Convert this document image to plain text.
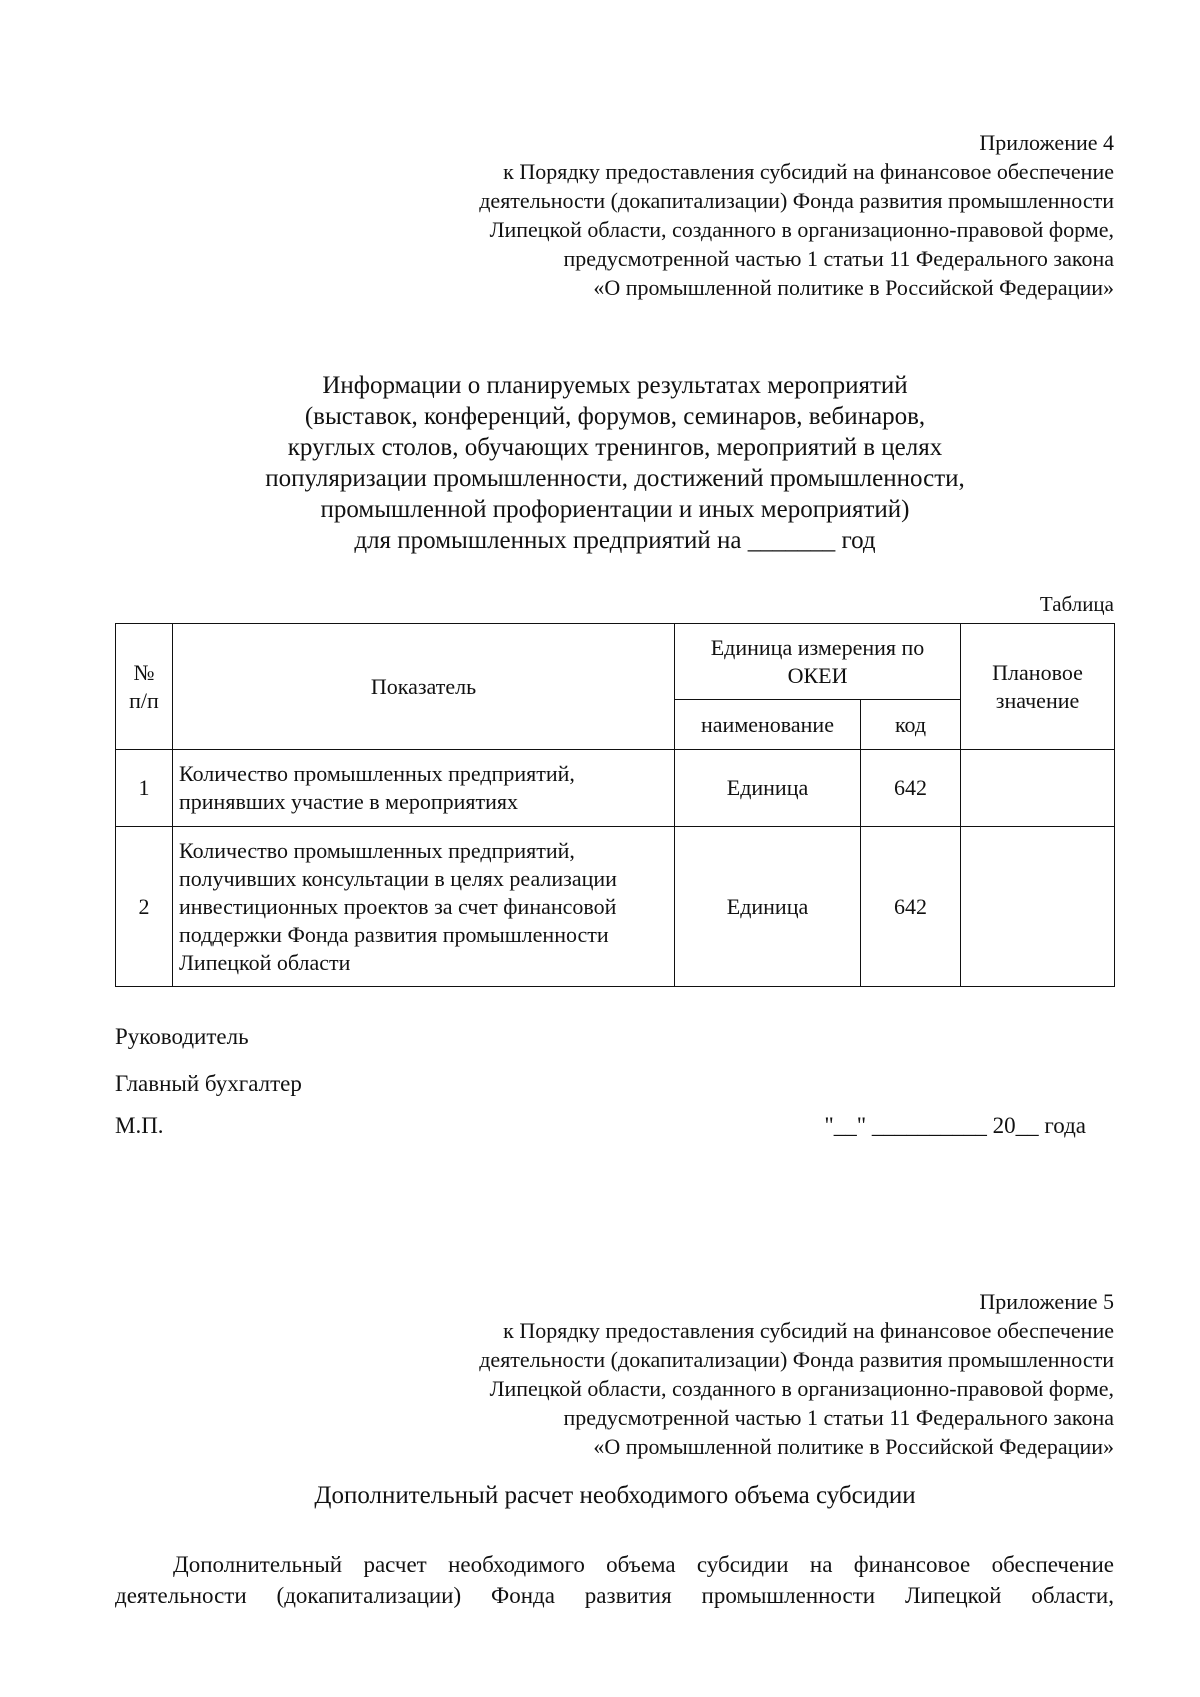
Приложение 4
к Порядку предоставления субсидий на финансовое обеспечение
деятельности (докапитализации) Фонда развития промышленности
Липецкой области, созданного в организационно-правовой форме,
предусмотренной частью 1 статьи 11 Федерального закона
«О промышленной политике в Российской Федерации»
Информации о планируемых результатах мероприятий
(выставок, конференций, форумов, семинаров, вебинаров,
круглых столов, обучающих тренингов, мероприятий в целях
популяризации промышленности, достижений промышленности,
промышленной профориентации и иных мероприятий)
для промышленных предприятий на _______ год
Таблица
№ п/п	Показатель	Единица измерения по ОКЕИ		Плановое значение
		наименование	код	
1	Количество промышленных предприятий,
принявших участие в мероприятиях	Единица	642	
2	Количество промышленных предприятий,
получивших консультации в целях реализации
инвестиционных проектов за счет финансовой
поддержки Фонда развития промышленности
Липецкой области	Единица	642	
Руководитель
Главный бухгалтер
М.П.	"__" __________ 20__ года
Приложение 5
к Порядку предоставления субсидий на финансовое обеспечение
деятельности (докапитализации) Фонда развития промышленности
Липецкой области, созданного в организационно-правовой форме,
предусмотренной частью 1 статьи 11 Федерального закона
«О промышленной политике в Российской Федерации»
Дополнительный расчет необходимого объема субсидии
Дополнительный расчет необходимого объема субсидии на финансовое обеспечение
деятельности (докапитализации) Фонда развития промышленности Липецкой области,
